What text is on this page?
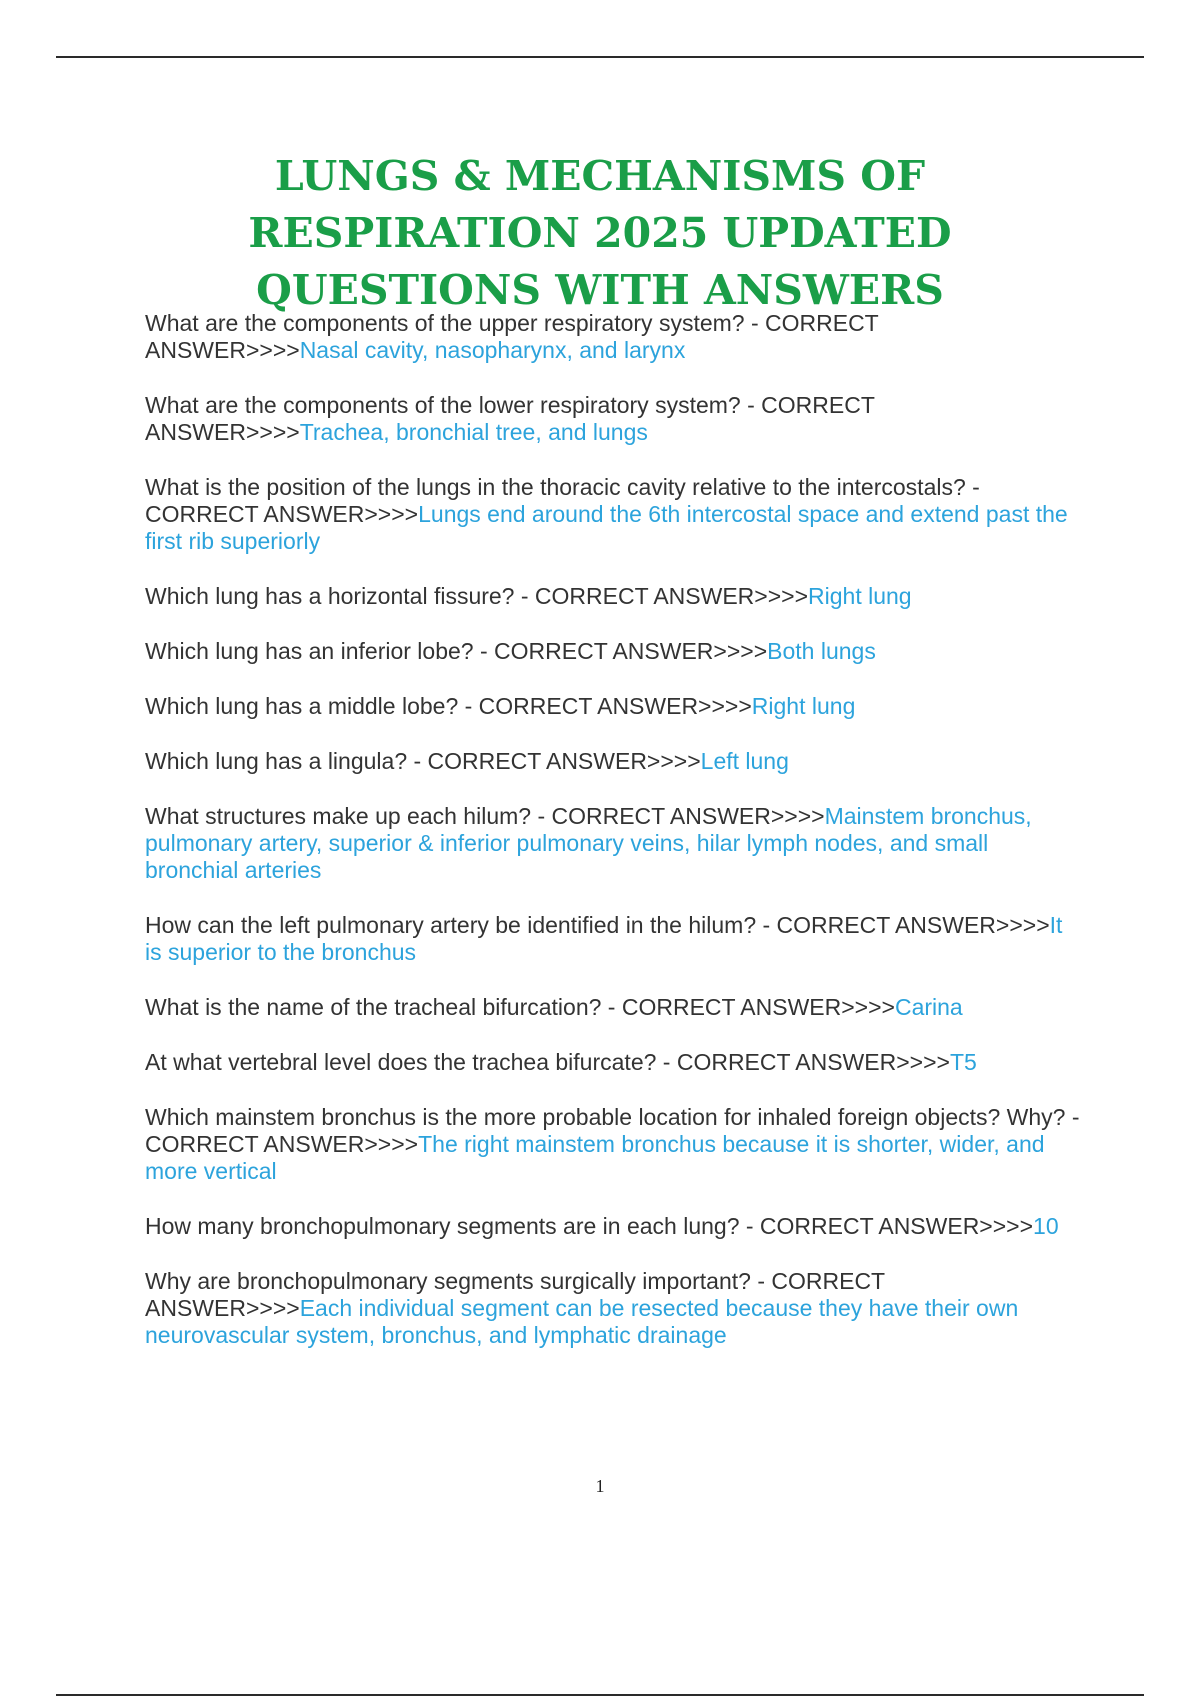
LUNGS & MECHANISMS OF
RESPIRATION 2025 UPDATED
QUESTIONS WITH ANSWERS

What are the components of the upper respiratory system? - CORRECT ANSWER>>>>Nasal cavity, nasopharynx, and larynx

What are the components of the lower respiratory system? - CORRECT ANSWER>>>>Trachea, bronchial tree, and lungs

What is the position of the lungs in the thoracic cavity relative to the intercostals? - CORRECT ANSWER>>>>Lungs end around the 6th intercostal space and extend past the first rib superiorly

Which lung has a horizontal fissure? - CORRECT ANSWER>>>>Right lung

Which lung has an inferior lobe? - CORRECT ANSWER>>>>Both lungs

Which lung has a middle lobe? - CORRECT ANSWER>>>>Right lung

Which lung has a lingula? - CORRECT ANSWER>>>>Left lung

What structures make up each hilum? - CORRECT ANSWER>>>>Mainstem bronchus, pulmonary artery, superior & inferior pulmonary veins, hilar lymph nodes, and small bronchial arteries

How can the left pulmonary artery be identified in the hilum? - CORRECT ANSWER>>>>It is superior to the bronchus

What is the name of the tracheal bifurcation? - CORRECT ANSWER>>>>Carina

At what vertebral level does the trachea bifurcate? - CORRECT ANSWER>>>>T5

Which mainstem bronchus is the more probable location for inhaled foreign objects? Why? - CORRECT ANSWER>>>>The right mainstem bronchus because it is shorter, wider, and more vertical

How many bronchopulmonary segments are in each lung? - CORRECT ANSWER>>>>10

Why are bronchopulmonary segments surgically important? - CORRECT ANSWER>>>>Each individual segment can be resected because they have their own neurovascular system, bronchus, and lymphatic drainage

1
